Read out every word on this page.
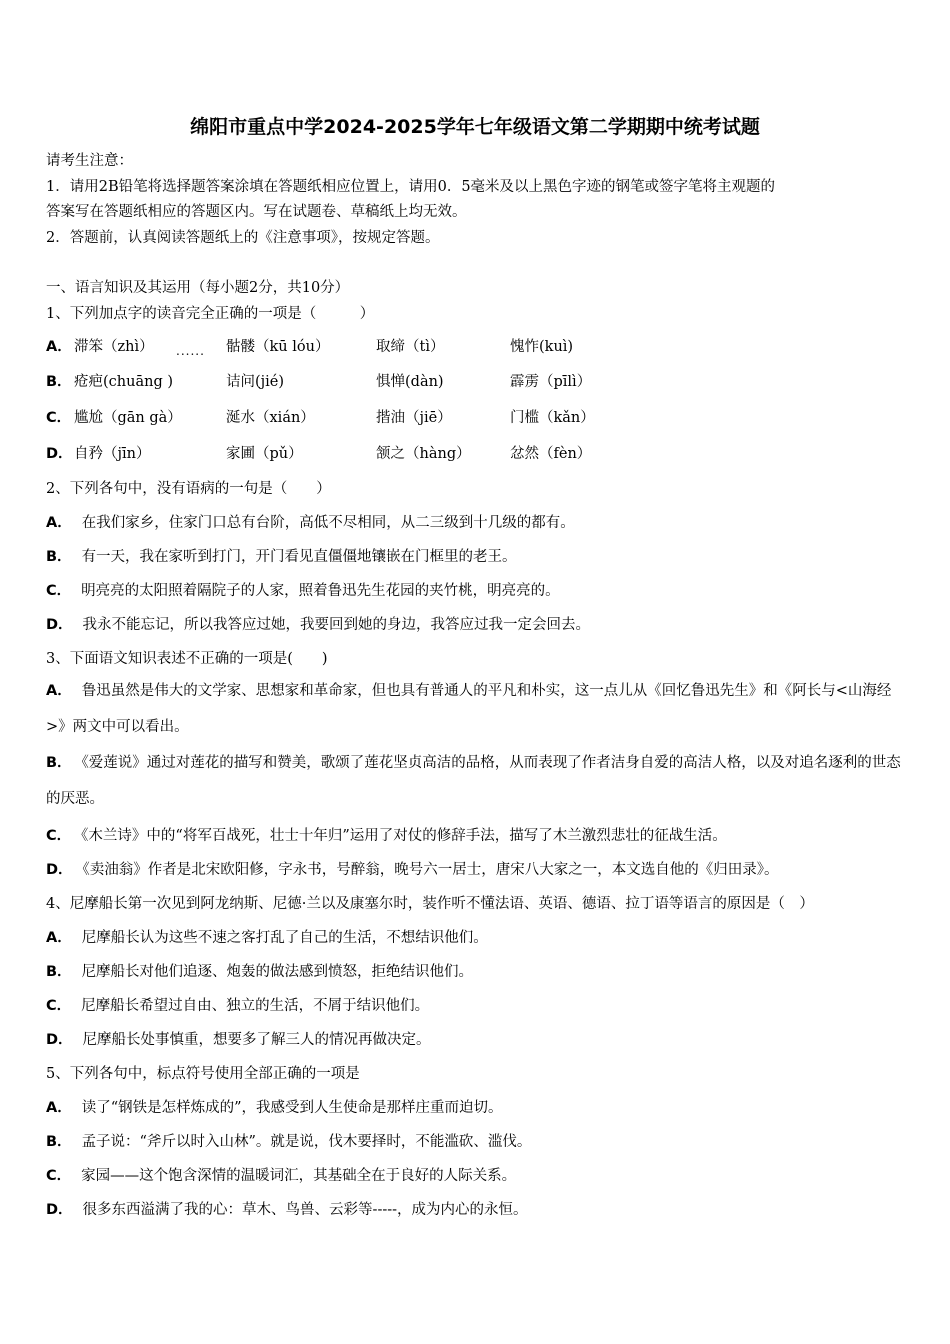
绵阳市重点中学2024-2025学年七年级语文第二学期期中统考试题
请考生注意：
1．请用2B铅笔将选择题答案涂填在答题纸相应位置上，请用0．5毫米及以上黑色字迹的钢笔或签字笔将主观题的
答案写在答题纸相应的答题区内。写在试题卷、草稿纸上均无效。
2．答题前，认真阅读答题纸上的《注意事项》，按规定答题。
一、语言知识及其运用（每小题2分，共10分）
1、下列加点字的读音完全正确的一项是（　　　）
A． 滞笨（zhì）	骷髅（kū lóu）	取缔（tì）	愧怍(kuì)
......
B． 疮疤(chuāng )	诘问(jié)	惧惮(dàn)	霹雳（pīlì）
C． 尴尬（gān gà）	涎水（xián）	揩油（jiē）	门槛（kǎn）
D． 自矜（jīn）	家圃（pǔ）	颔之（hàng）	忿然（fèn）
2、下列各句中，没有语病的一句是（　　）
A． 在我们家乡，住家门口总有台阶，高低不尽相同，从二三级到十几级的都有。
B． 有一天，我在家听到打门，开门看见直僵僵地镶嵌在门框里的老王。
C． 明亮亮的太阳照着隔院子的人家，照着鲁迅先生花园的夹竹桃，明亮亮的。
D． 我永不能忘记，所以我答应过她，我要回到她的身边，我答应过我一定会回去。
3、下面语文知识表述不正确的一项是(　　)
A． 鲁迅虽然是伟大的文学家、思想家和革命家，但也具有普通人的平凡和朴实，这一点儿从《回忆鲁迅先生》和《阿长与<山海经>》两文中可以看出。
B． 《爱莲说》通过对莲花的描写和赞美，歌颂了莲花坚贞高洁的品格，从而表现了作者洁身自爱的高洁人格，以及对追名逐利的世态的厌恶。
C． 《木兰诗》中的“将军百战死，壮士十年归”运用了对仗的修辞手法，描写了木兰激烈悲壮的征战生活。
D． 《卖油翁》作者是北宋欧阳修，字永书，号醉翁，晚号六一居士，唐宋八大家之一，本文选自他的《归田录》。
4、尼摩船长第一次见到阿龙纳斯、尼德·兰以及康塞尔时，装作听不懂法语、英语、德语、拉丁语等语言的原因是（　）
A． 尼摩船长认为这些不速之客打乱了自己的生活，不想结识他们。
B． 尼摩船长对他们追逐、炮轰的做法感到愤怒，拒绝结识他们。
C． 尼摩船长希望过自由、独立的生活，不屑于结识他们。
D． 尼摩船长处事慎重，想要多了解三人的情况再做决定。
5、下列各句中，标点符号使用全部正确的一项是
A． 读了“钢铁是怎样炼成的”，我感受到人生使命是那样庄重而迫切。
B． 孟子说：“斧斤以时入山林”。就是说，伐木要择时，不能滥砍、滥伐。
C． 家园——这个饱含深情的温暖词汇，其基础全在于良好的人际关系。
D． 很多东西溢满了我的心：草木、鸟兽、云彩等-----，成为内心的永恒。
